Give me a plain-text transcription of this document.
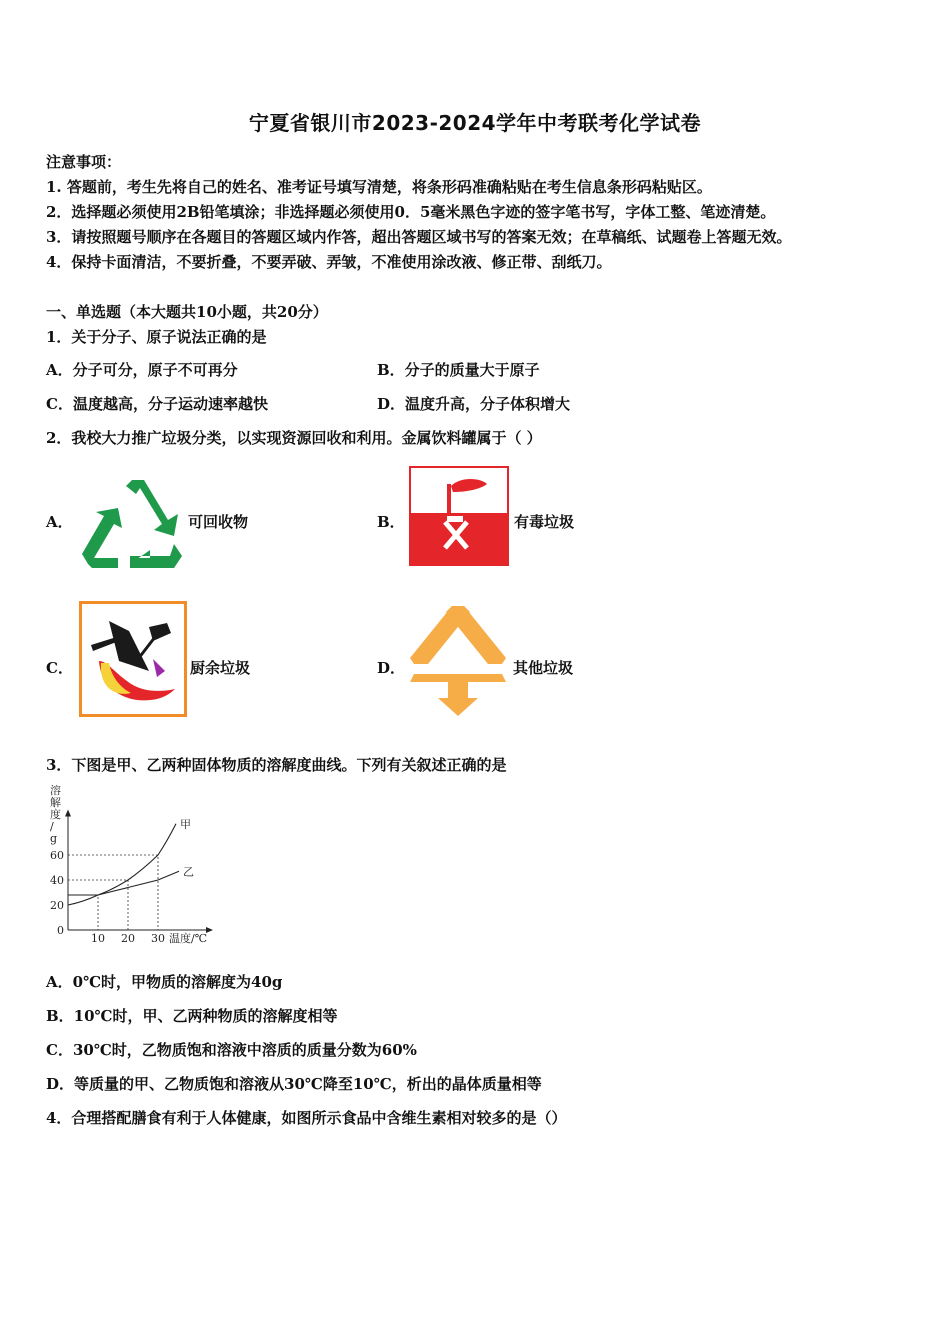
宁夏省银川市2023-2024学年中考联考化学试卷
注意事项：
1. 答题前，考生先将自己的姓名、准考证号填写清楚，将条形码准确粘贴在考生信息条形码粘贴区。
2．选择题必须使用2B铅笔填涂；非选择题必须使用0．5毫米黑色字迹的签字笔书写，字体工整、笔迹清楚。
3．请按照题号顺序在各题目的答题区域内作答，超出答题区域书写的答案无效；在草稿纸、试题卷上答题无效。
4．保持卡面清洁，不要折叠，不要弄破、弄皱，不准使用涂改液、修正带、刮纸刀。
一、单选题（本大题共10小题，共20分）
1．关于分子、原子说法正确的是
A．分子可分，原子不可再分	B．分子的质量大于原子
C．温度越高，分子运动速率越快	D．温度升高，分子体积增大
2．我校大力推广垃圾分类，以实现资源回收和利用。金属饮料罐属于（ ）
A．	可回收物	B．	有毒垃圾
C．	厨余垃圾	D．	其他垃圾
3．下图是甲、乙两种固体物质的溶解度曲线。下列有关叙述正确的是
溶
解
度
/
g
60
40
20
0
10 20 30 温度/℃
甲
乙
A．0℃时，甲物质的溶解度为40g
B．10℃时，甲、乙两种物质的溶解度相等
C．30℃时，乙物质饱和溶液中溶质的质量分数为60%
D．等质量的甲、乙物质饱和溶液从30℃降至10℃，析出的晶体质量相等
4．合理搭配膳食有利于人体健康，如图所示食品中含维生素相对较多的是（）
